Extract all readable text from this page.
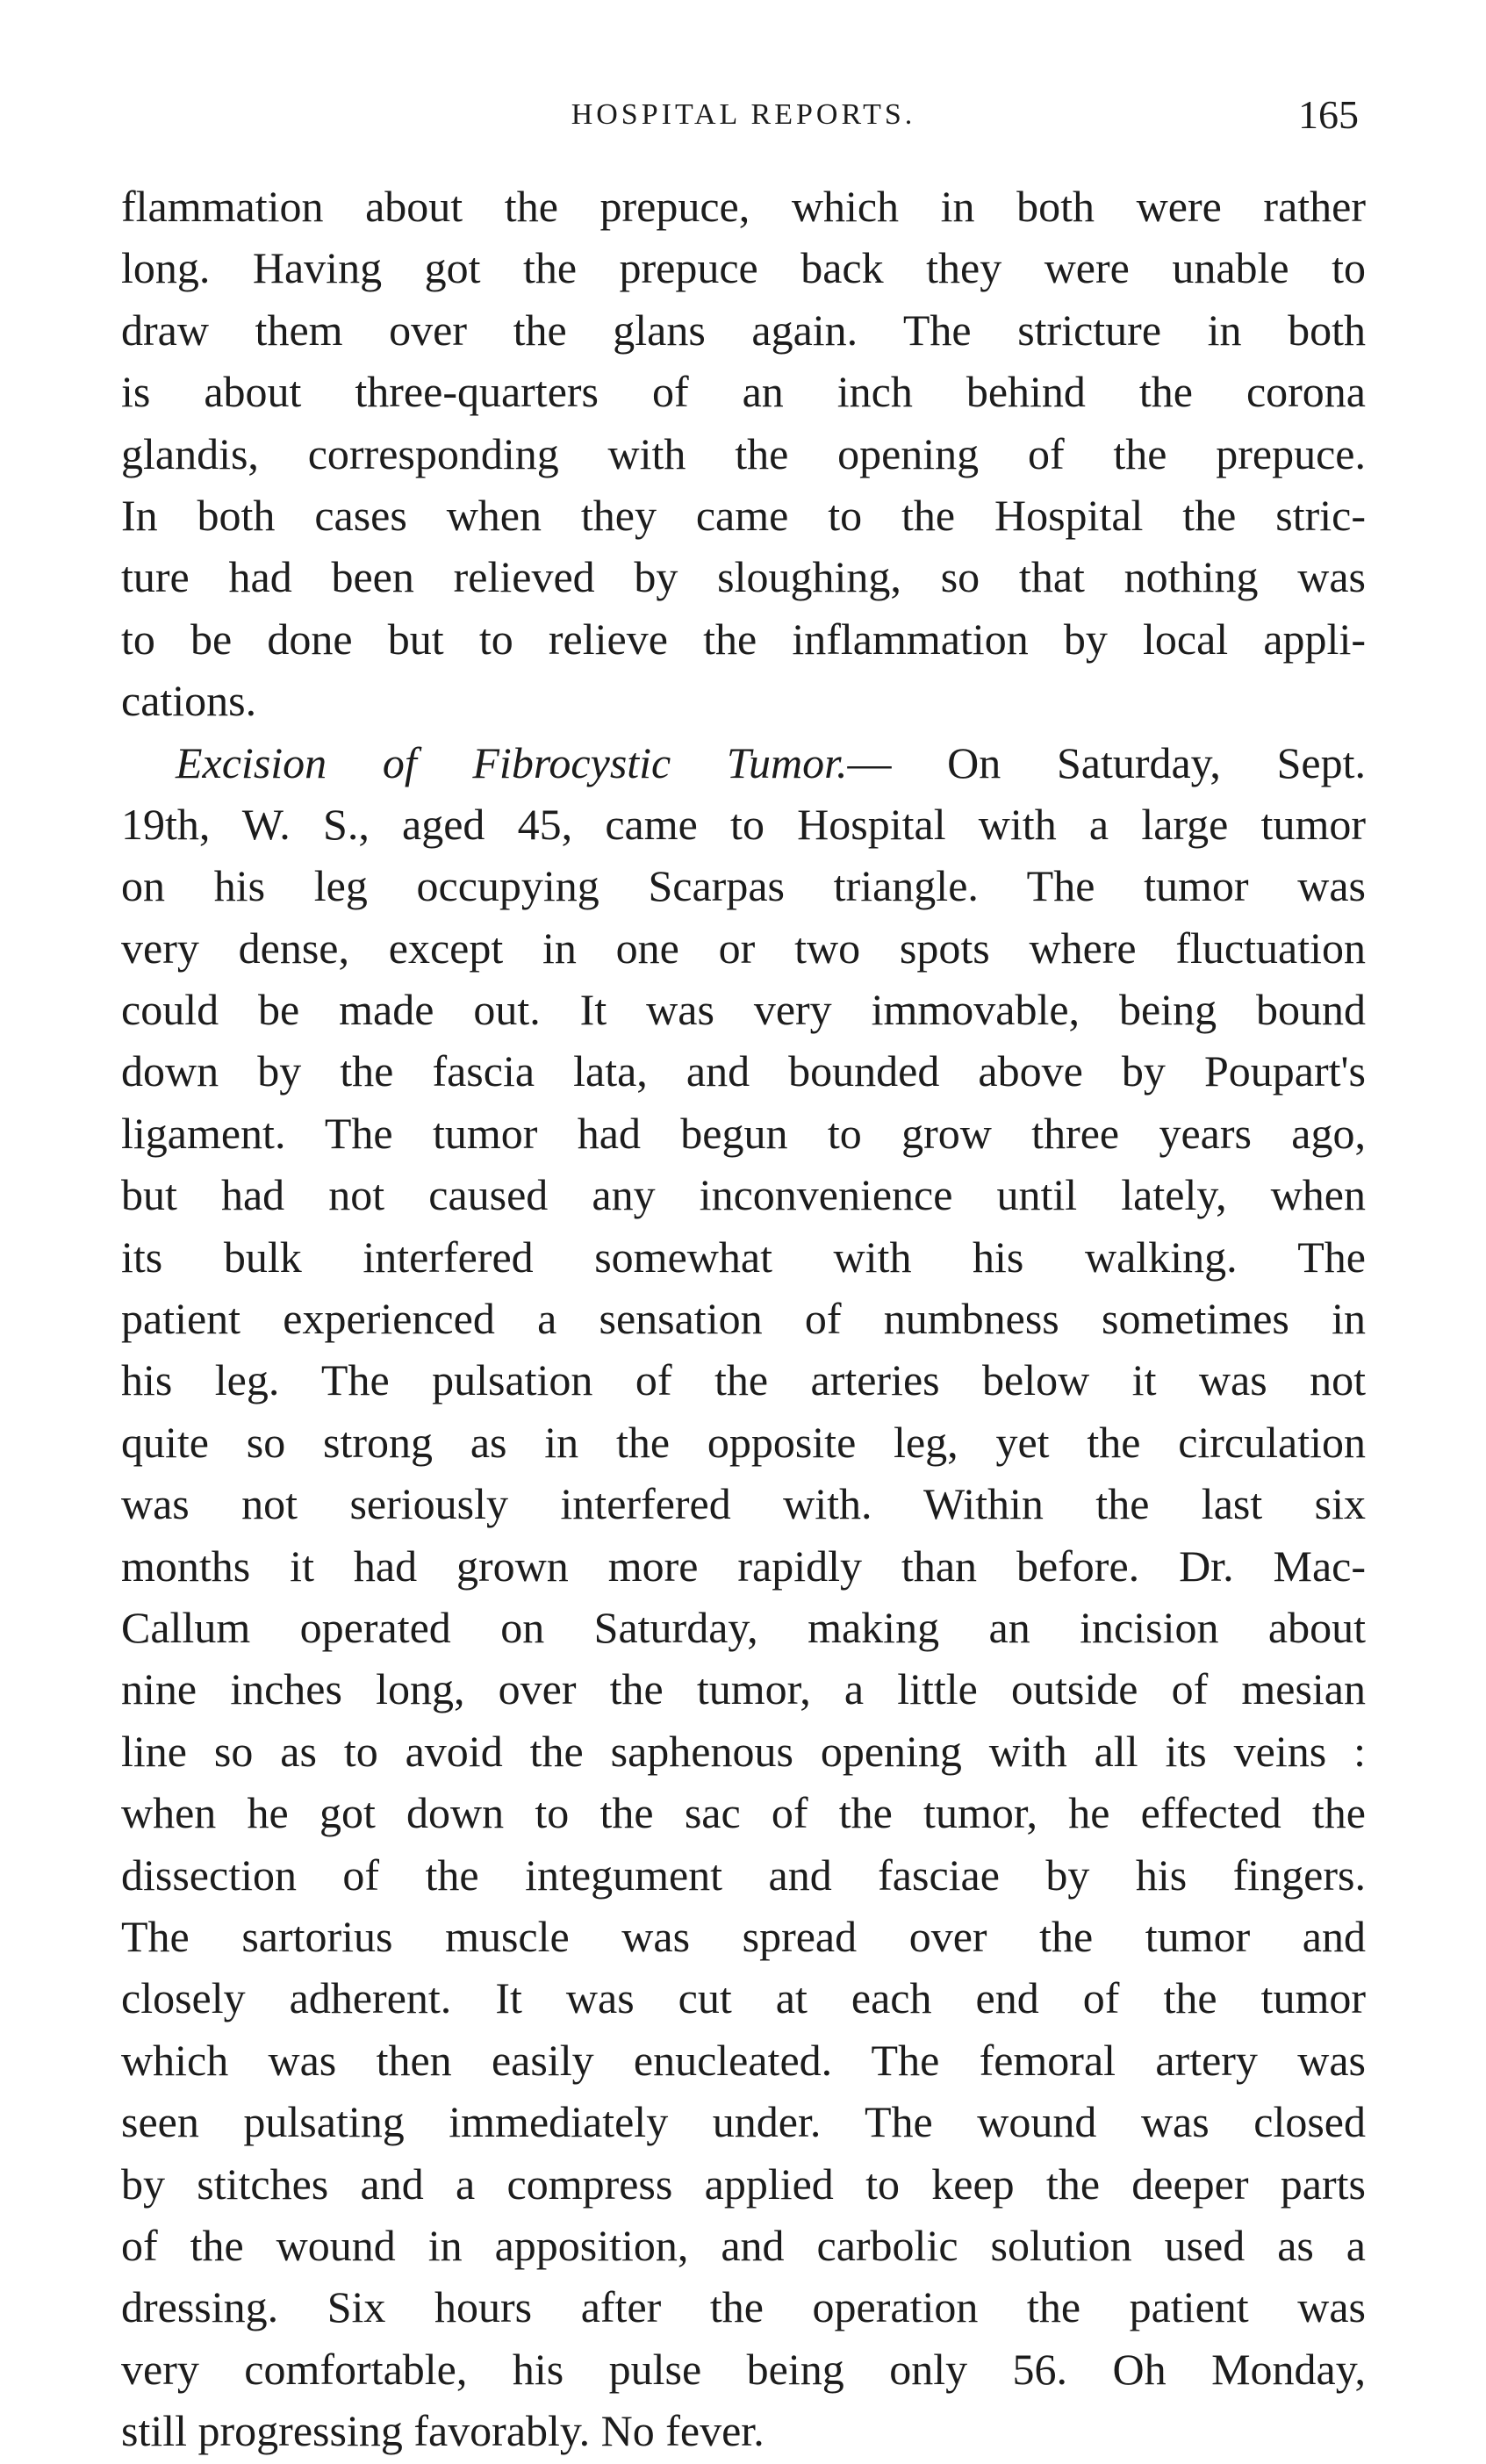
HOSPITAL REPORTS.	165
flammation about the prepuce, which in both were rather
long. Having got the prepuce back they were unable to
draw them over the glans again. The stricture in both
is about three-quarters of an inch behind the corona
glandis, corresponding with the opening of the prepuce.
In both cases when they came to the Hospital the stric-
ture had been relieved by sloughing, so that nothing was
to be done but to relieve the inflammation by local appli-
cations.
Excision of Fibrocystic Tumor.— On Saturday, Sept.
19th, W. S., aged 45, came to Hospital with a large tumor
on his leg occupying Scarpas triangle. The tumor was
very dense, except in one or two spots where fluctuation
could be made out. It was very immovable, being bound
down by the fascia lata, and bounded above by Poupart's
ligament. The tumor had begun to grow three years ago,
but had not caused any inconvenience until lately, when
its bulk interfered somewhat with his walking. The
patient experienced a sensation of numbness sometimes in
his leg. The pulsation of the arteries below it was not
quite so strong as in the opposite leg, yet the circulation
was not seriously interfered with. Within the last six
months it had grown more rapidly than before. Dr. Mac-
Callum operated on Saturday, making an incision about
nine inches long, over the tumor, a little outside of mesian
line so as to avoid the saphenous opening with all its veins :
when he got down to the sac of the tumor, he effected the
dissection of the integument and fasciae by his fingers.
The sartorius muscle was spread over the tumor and
closely adherent. It was cut at each end of the tumor
which was then easily enucleated. The femoral artery was
seen pulsating immediately under. The wound was closed
by stitches and a compress applied to keep the deeper parts
of the wound in apposition, and carbolic solution used as a
dressing. Six hours after the operation the patient was
very comfortable, his pulse being only 56. Oh Monday,
still progressing favorably. No fever.
